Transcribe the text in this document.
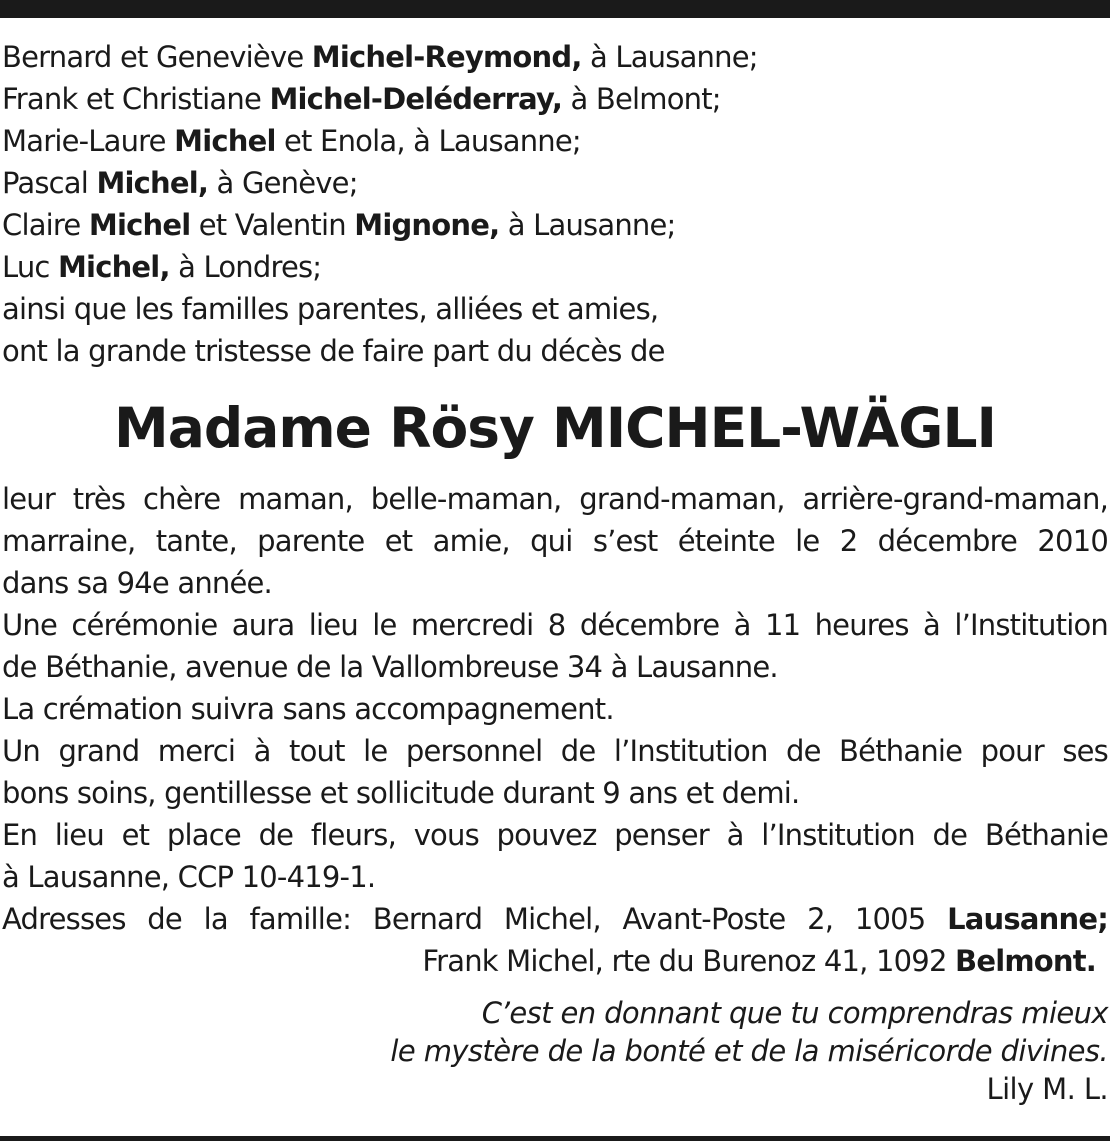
Bernard et Geneviève Michel-Reymond, à Lausanne;
Frank et Christiane Michel-Deléderray, à Belmont;
Marie-Laure Michel et Enola, à Lausanne;
Pascal Michel, à Genève;
Claire Michel et Valentin Mignone, à Lausanne;
Luc Michel, à Londres;
ainsi que les familles parentes, alliées et amies,
ont la grande tristesse de faire part du décès de
Madame Rösy MICHEL-WÄGLI
leur très chère maman, belle-maman, grand-maman, arrière-grand-maman,
marraine, tante, parente et amie, qui s’est éteinte le 2 décembre 2010
dans sa 94e année.
Une cérémonie aura lieu le mercredi 8 décembre à 11 heures à l’Institution
de Béthanie, avenue de la Vallombreuse 34 à Lausanne.
La crémation suivra sans accompagnement.
Un grand merci à tout le personnel de l’Institution de Béthanie pour ses
bons soins, gentillesse et sollicitude durant 9 ans et demi.
En lieu et place de fleurs, vous pouvez penser à l’Institution de Béthanie
à Lausanne, CCP 10-419-1.
Adresses de la famille: Bernard Michel, Avant-Poste 2, 1005 Lausanne;
Frank Michel, rte du Burenoz 41, 1092 Belmont.
C’est en donnant que tu comprendras mieux
le mystère de la bonté et de la miséricorde divines.
Lily M. L.
